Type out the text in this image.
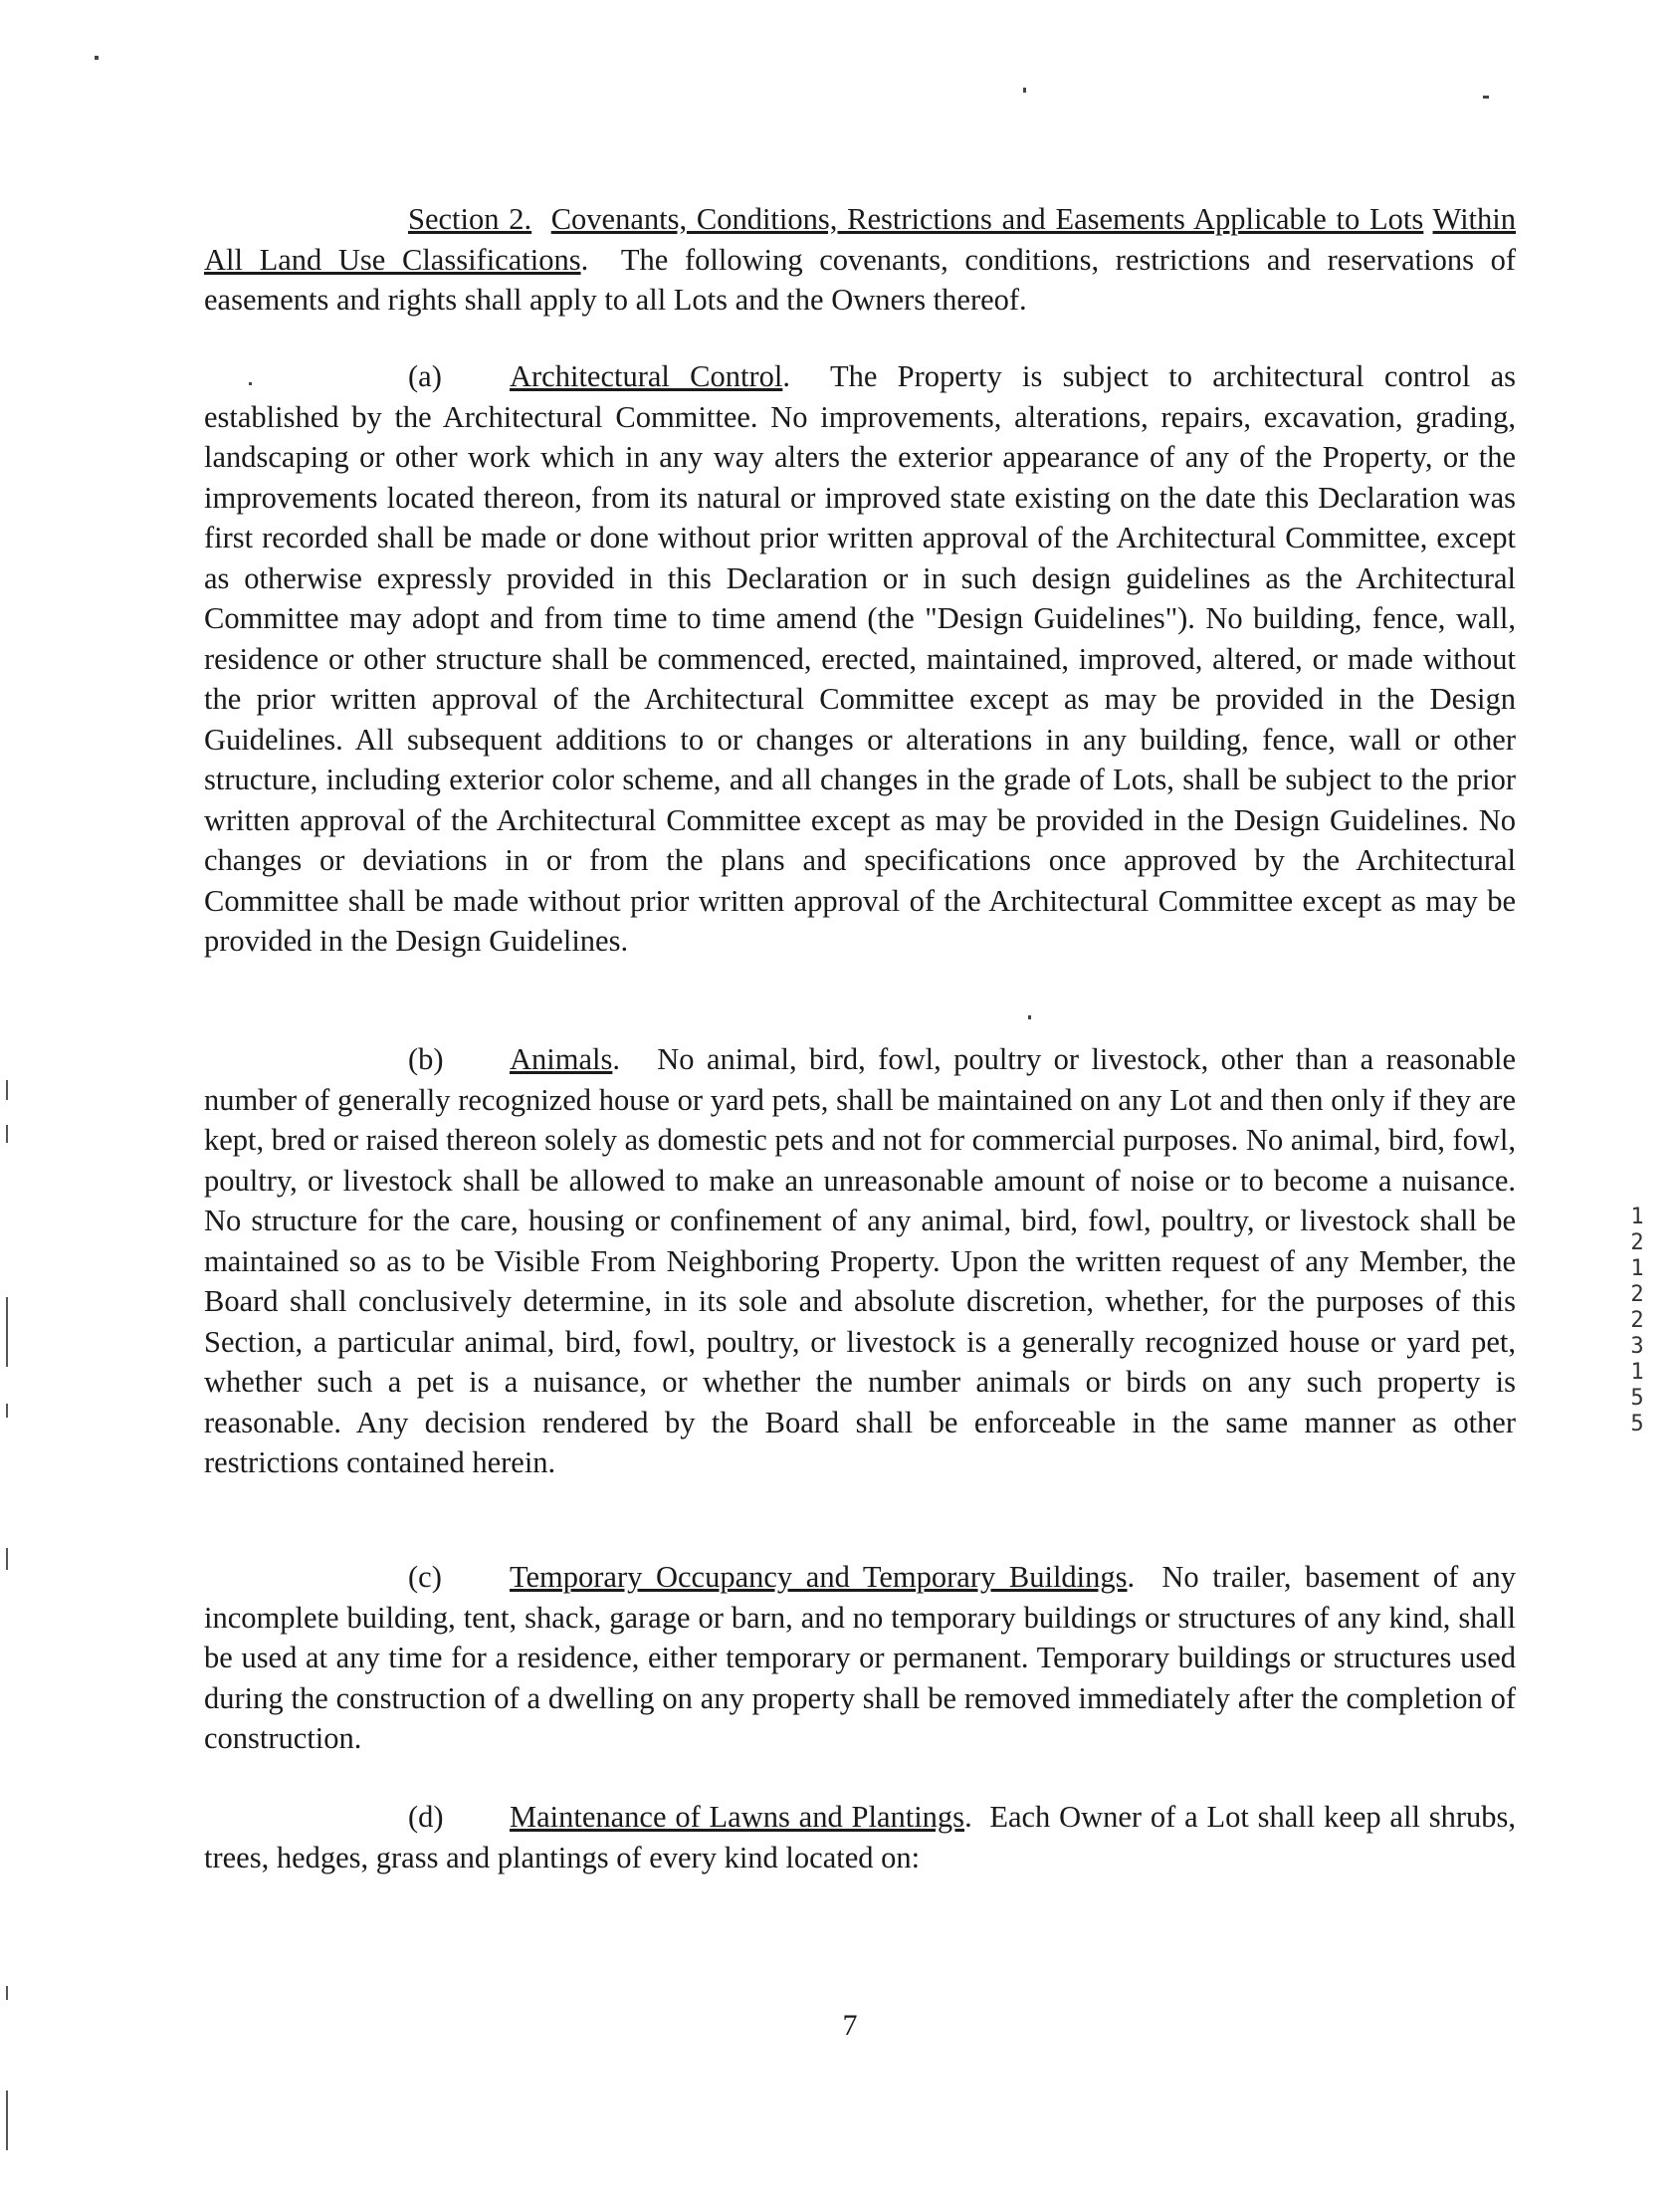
Section 2. Covenants, Conditions, Restrictions and Easements Applicable to Lots Within All Land Use Classifications.  The following covenants, conditions, restrictions and reservations of easements and rights shall apply to all Lots and the Owners thereof.

(a) Architectural Control.  The Property is subject to architectural control as established by the Architectural Committee. No improvements, alterations, repairs, excavation, grading, landscaping or other work which in any way alters the exterior appearance of any of the Property, or the improvements located thereon, from its natural or improved state existing on the date this Declaration was first recorded shall be made or done without prior written approval of the Architectural Committee, except as otherwise expressly provided in this Declaration or in such design guidelines as the Architectural Committee may adopt and from time to time amend (the "Design Guidelines"). No building, fence, wall, residence or other structure shall be commenced, erected, maintained, improved, altered, or made without the prior written approval of the Architectural Committee except as may be provided in the Design Guidelines. All subsequent additions to or changes or alterations in any building, fence, wall or other structure, including exterior color scheme, and all changes in the grade of Lots, shall be subject to the prior written approval of the Architectural Committee except as may be provided in the Design Guidelines. No changes or deviations in or from the plans and specifications once approved by the Architectural Committee shall be made without prior written approval of the Architectural Committee except as may be provided in the Design Guidelines.

(b) Animals.   No animal, bird, fowl, poultry or livestock, other than a reasonable number of generally recognized house or yard pets, shall be maintained on any Lot and then only if they are kept, bred or raised thereon solely as domestic pets and not for commercial purposes. No animal, bird, fowl, poultry, or livestock shall be allowed to make an unreasonable amount of noise or to become a nuisance. No structure for the care, housing or confinement of any animal, bird, fowl, poultry, or livestock shall be maintained so as to be Visible From Neighboring Property. Upon the written request of any Member, the Board shall conclusively determine, in its sole and absolute discretion, whether, for the purposes of this Section, a particular animal, bird, fowl, poultry, or livestock is a generally recognized house or yard pet, whether such a pet is a nuisance, or whether the number animals or birds on any such property is reasonable. Any decision rendered by the Board shall be enforceable in the same manner as other restrictions contained herein.

(c) Temporary Occupancy and Temporary Buildings.  No trailer, basement of any incomplete building, tent, shack, garage or barn, and no temporary buildings or structures of any kind, shall be used at any time for a residence, either temporary or permanent. Temporary buildings or structures used during the construction of a dwelling on any property shall be removed immediately after the completion of construction.

(d) Maintenance of Lawns and Plantings.  Each Owner of a Lot shall keep all shrubs, trees, hedges, grass and plantings of every kind located on:

7
1 2 1 2 2 3 1 5 5
